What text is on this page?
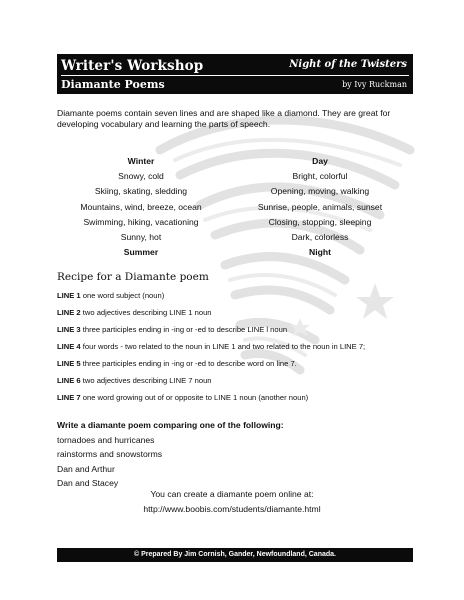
Writer's Workshop
Diamante Poems
Night of the Twisters
by Ivy Ruckman
Diamante poems contain seven lines and are shaped like a diamond. They are great for developing vocabulary and learning the parts of speech.
Winter
Snowy, cold
Skiing, skating, sledding
Mountains, wind, breeze, ocean
Swimming, hiking, vacationing
Sunny, hot
Summer
Day
Bright, colorful
Opening, moving, walking
Sunrise, people, animals, sunset
Closing, stopping, sleeping
Dark, colorless
Night
Recipe for a Diamante poem
LINE 1 one word subject (noun)
LINE 2 two adjectives describing LINE 1 noun
LINE 3 three participles ending in -ing or -ed to describe LINE l noun
LINE 4 four words - two related to the noun in LINE 1 and two related to the noun in LINE 7;
LINE 5 three participles ending in -ing or -ed to describe word on line 7.
LINE 6 two adjectives describing LINE 7 noun
LINE 7 one word growing out of or opposite to LINE 1 noun (another noun)
Write a diamante poem comparing one of the following:
tornadoes and hurricanes
rainstorms and snowstorms
Dan and Arthur
Dan and Stacey
You can create a diamante poem online at:
http://www.boobis.com/students/diamante.html
© Prepared By Jim Cornish, Gander, Newfoundland, Canada.
